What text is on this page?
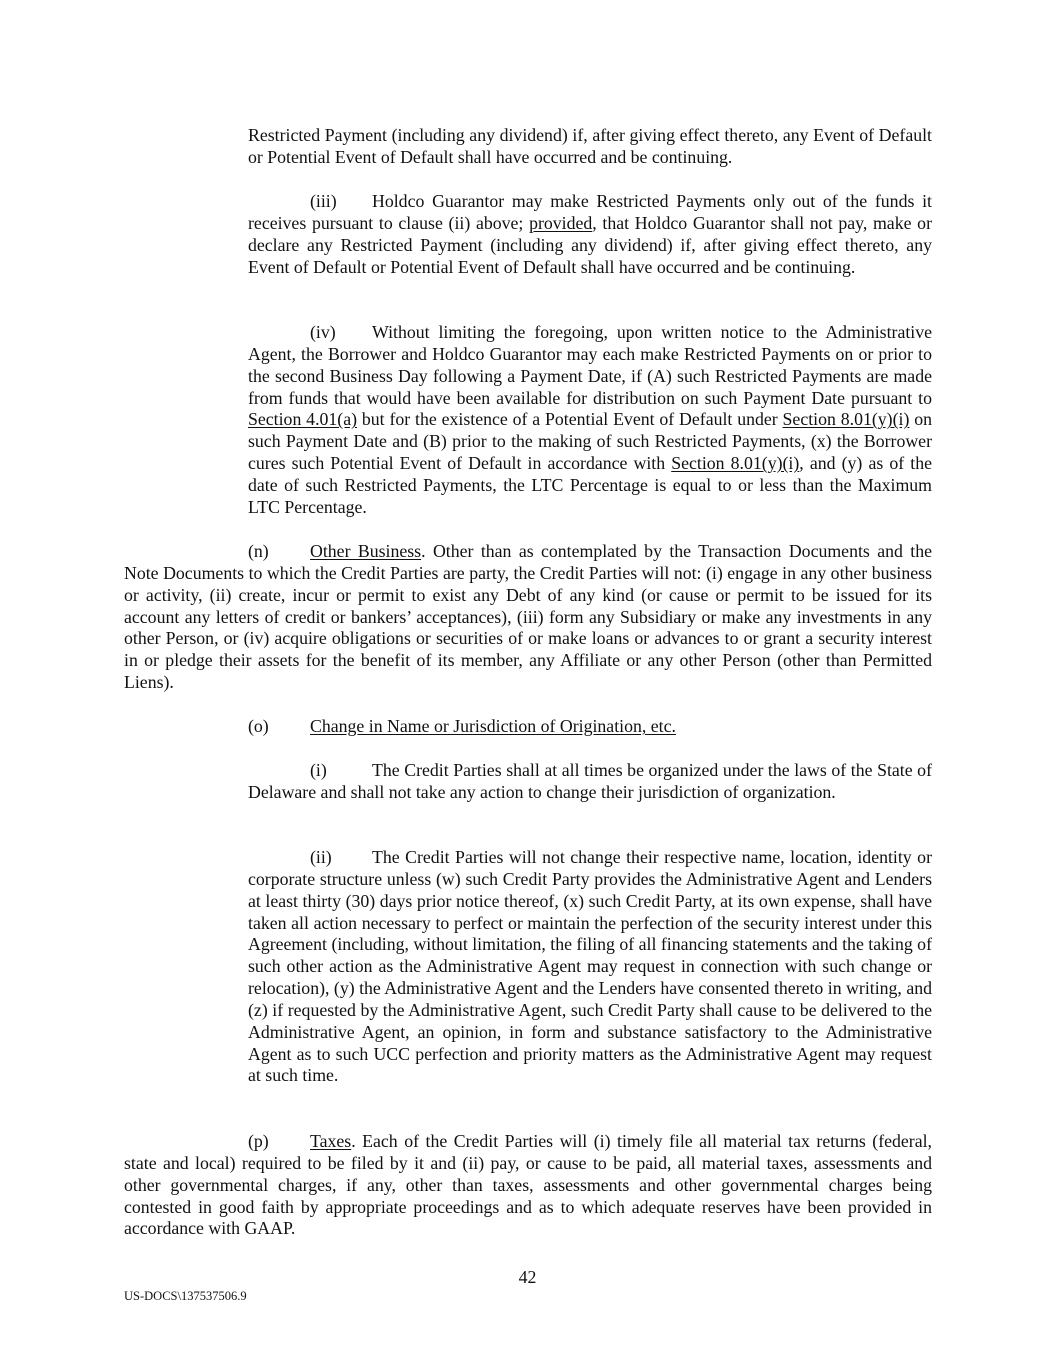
Restricted Payment (including any dividend) if, after giving effect thereto, any Event of Default or Potential Event of Default shall have occurred and be continuing.

(iii) Holdco Guarantor may make Restricted Payments only out of the funds it receives pursuant to clause (ii) above; provided, that Holdco Guarantor shall not pay, make or declare any Restricted Payment (including any dividend) if, after giving effect thereto, any Event of Default or Potential Event of Default shall have occurred and be continuing.

(iv) Without limiting the foregoing, upon written notice to the Administrative Agent, the Borrower and Holdco Guarantor may each make Restricted Payments on or prior to the second Business Day following a Payment Date, if (A) such Restricted Payments are made from funds that would have been available for distribution on such Payment Date pursuant to Section 4.01(a) but for the existence of a Potential Event of Default under Section 8.01(y)(i) on such Payment Date and (B) prior to the making of such Restricted Payments, (x) the Borrower cures such Potential Event of Default in accordance with Section 8.01(y)(i), and (y) as of the date of such Restricted Payments, the LTC Percentage is equal to or less than the Maximum LTC Percentage.

(n) Other Business. Other than as contemplated by the Transaction Documents and the Note Documents to which the Credit Parties are party, the Credit Parties will not: (i) engage in any other business or activity, (ii) create, incur or permit to exist any Debt of any kind (or cause or permit to be issued for its account any letters of credit or bankers’ acceptances), (iii) form any Subsidiary or make any investments in any other Person, or (iv) acquire obligations or securities of or make loans or advances to or grant a security interest in or pledge their assets for the benefit of its member, any Affiliate or any other Person (other than Permitted Liens).

(o) Change in Name or Jurisdiction of Origination, etc.

(i)	The Credit Parties shall at all times be organized under the laws of the State of Delaware and shall not take any action to change their jurisdiction of organization.

(ii) The Credit Parties will not change their respective name, location, identity or corporate structure unless (w) such Credit Party provides the Administrative Agent and Lenders at least thirty (30) days prior notice thereof, (x) such Credit Party, at its own expense, shall have taken all action necessary to perfect or maintain the perfection of the security interest under this Agreement (including, without limitation, the filing of all financing statements and the taking of such other action as the Administrative Agent may request in connection with such change or relocation), (y) the Administrative Agent and the Lenders have consented thereto in writing, and (z) if requested by the Administrative Agent, such Credit Party shall cause to be delivered to the Administrative Agent, an opinion, in form and substance satisfactory to the Administrative Agent as to such UCC perfection and priority matters as the Administrative Agent may request at such time.

(p) Taxes. Each of the Credit Parties will (i) timely file all material tax returns (federal, state and local) required to be filed by it and (ii) pay, or cause to be paid, all material taxes, assessments and other governmental charges, if any, other than taxes, assessments and other governmental charges being contested in good faith by appropriate proceedings and as to which adequate reserves have been provided in accordance with GAAP.

42
US-DOCS\137537506.9
